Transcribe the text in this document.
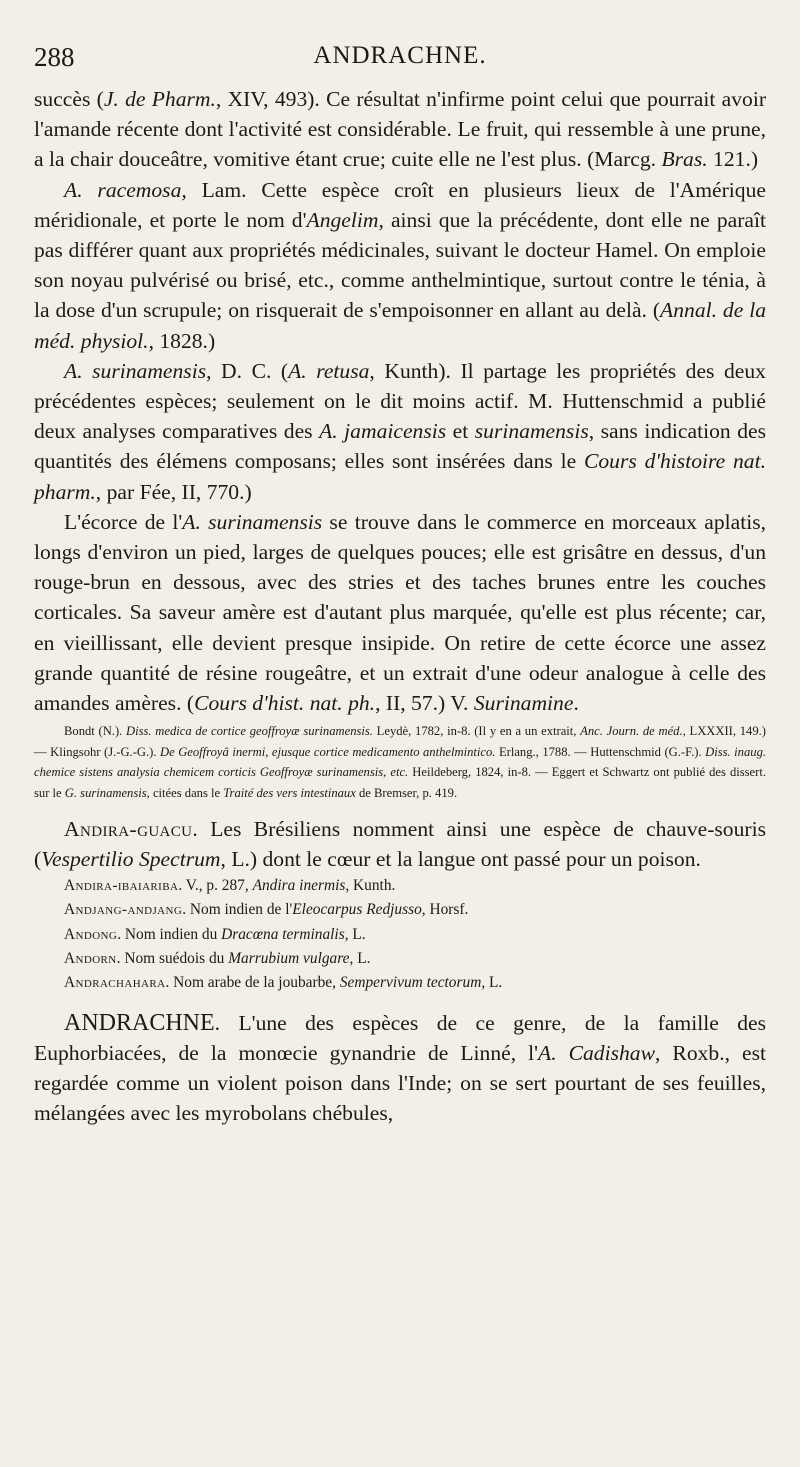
288	ANDRACHNE.

succès (J. de Pharm., XIV, 493). Ce résultat n'infirme point celui que pourrait avoir l'amande récente dont l'activité est considérable. Le fruit, qui ressemble à une prune, a la chair douceâtre, vomitive étant crue; cuite elle ne l'est plus. (Marcg. Bras. 121.)

A. racemosa, Lam. Cette espèce croît en plusieurs lieux de l'Amérique méridionale, et porte le nom d'Angelim, ainsi que la précédente, dont elle ne paraît pas différer quant aux propriétés médicinales, suivant le docteur Hamel. On emploie son noyau pulvérisé ou brisé, etc., comme anthelmintique, surtout contre le ténia, à la dose d'un scrupule; on risquerait de s'empoisonner en allant au delà. (Annal. de la méd. physiol., 1828.)

A. surinamensis, D. C. (A. retusa, Kunth). Il partage les propriétés des deux précédentes espèces; seulement on le dit moins actif. M. Huttenschmid a publié deux analyses comparatives des A. jamaicensis et surinamensis, sans indication des quantités des élémens composans; elles sont insérées dans le Cours d'histoire nat. pharm., par Fée, II, 770.)

L'écorce de l'A. surinamensis se trouve dans le commerce en morceaux aplatis, longs d'environ un pied, larges de quelques pouces; elle est grisâtre en dessus, d'un rouge-brun en dessous, avec des stries et des taches brunes entre les couches corticales. Sa saveur amère est d'autant plus marquée, qu'elle est plus récente; car, en vieillissant, elle devient presque insipide. On retire de cette écorce une assez grande quantité de résine rougeâtre, et un extrait d'une odeur analogue à celle des amandes amères. (Cours d'hist. nat. ph., II, 57.) V. Surinamine.

Bondt (N.). Diss. medica de cortice geoffroyæ surinamensis. Leydè, 1782, in-8. (Il y en a un extrait, Anc. Journ. de méd., LXXXII, 149.) — Klingsohr (J.-G.-G.). De Geoffroyâ inermi, ejusque cortice medicamento anthelmintico. Erlang., 1788. — Huttenschmid (G.-F.). Diss. inaug. chemice sistens analysia chemicem corticis Geoffroyæ surinamensis, etc. Heildeberg, 1824, in-8. — Eggert et Schwartz ont publié des dissert. sur le G. surinamensis, citées dans le Traité des vers intestinaux de Bremser, p. 419.

Andira-guacu. Les Brésiliens nomment ainsi une espèce de chauve-souris (Vespertilio Spectrum, L.) dont le cœur et la langue ont passé pour un poison.

Andira-ibaiariba. V., p. 287, Andira inermis, Kunth.

Andjang-andjang. Nom indien de l'Eleocarpus Redjusso, Horsf.

Andong. Nom indien du Dracœna terminalis, L.

Andorn. Nom suédois du Marrubium vulgare, L.

Andrachahara. Nom arabe de la joubarbe, Sempervivum tectorum, L.

ANDRACHNE. L'une des espèces de ce genre, de la famille des Euphorbiacées, de la monœcie gynandrie de Linné, l'A. Cadishaw, Roxb., est regardée comme un violent poison dans l'Inde; on se sert pourtant de ses feuilles, mélangées avec les myrobolans chébules,
